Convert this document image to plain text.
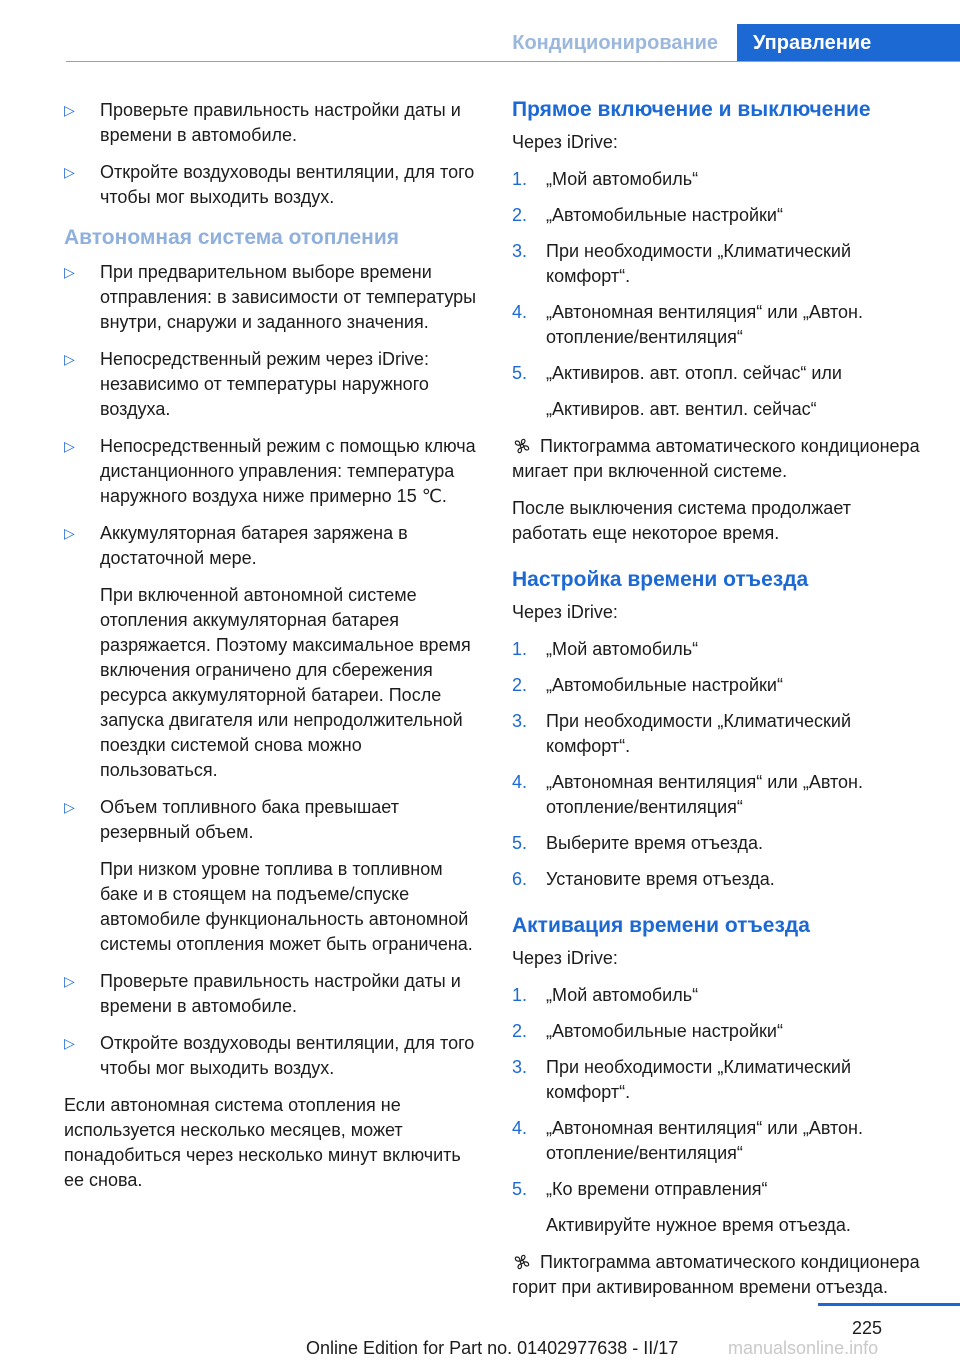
Кондиционирование	Управление
▷	Проверьте правильность настройки даты и времени в автомобиле.
▷	Откройте воздуховоды вентиляции, для того чтобы мог выходить воздух.
Автономная система отопления
▷	При предварительном выборе времени отправления: в зависимости от температуры внутри, снаружи и заданного значения.
▷	Непосредственный режим через iDrive: независимо от температуры наружного воздуха.
▷	Непосредственный режим с помощью ключа дистанционного управления: температура наружного воздуха ниже примерно 15 ℃.
▷	Аккумуляторная батарея заряжена в достаточной мере.
При включенной автономной системе отопления аккумуляторная батарея разряжается. Поэтому максимальное время включения ограничено для сбережения ресурса аккумуляторной батареи. После запуска двигателя или непродолжительной поездки системой снова можно пользоваться.
▷	Объем топливного бака превышает резервный объем.
При низком уровне топлива в топливном баке и в стоящем на подъеме/спуске автомобиле функциональность автономной системы отопления может быть ограничена.
▷	Проверьте правильность настройки даты и времени в автомобиле.
▷	Откройте воздуховоды вентиляции, для того чтобы мог выходить воздух.
Если автономная система отопления не используется несколько месяцев, может понадобиться через несколько минут включить ее снова.
Прямое включение и выключение
Через iDrive:
1.	„Мой автомобиль“
2.	„Автомобильные настройки“
3.	При необходимости „Климатический комфорт“.
4.	„Автономная вентиляция“ или „Автон. отопление/вентиляция“
5.	„Активиров. авт. отопл. сейчас“ или
„Активиров. авт. вентил. сейчас“
Пиктограмма автоматического кондиционера мигает при включенной системе.
После выключения система продолжает работать еще некоторое время.
Настройка времени отъезда
Через iDrive:
1.	„Мой автомобиль“
2.	„Автомобильные настройки“
3.	При необходимости „Климатический комфорт“.
4.	„Автономная вентиляция“ или „Автон. отопление/вентиляция“
5.	Выберите время отъезда.
6.	Установите время отъезда.
Активация времени отъезда
Через iDrive:
1.	„Мой автомобиль“
2.	„Автомобильные настройки“
3.	При необходимости „Климатический комфорт“.
4.	„Автономная вентиляция“ или „Автон. отопление/вентиляция“
5.	„Ко времени отправления“
Активируйте нужное время отъезда.
Пиктограмма автоматического кондиционера горит при активированном времени отъезда.
225
Online Edition for Part no. 01402977638 - II/17	manualsonline.info
